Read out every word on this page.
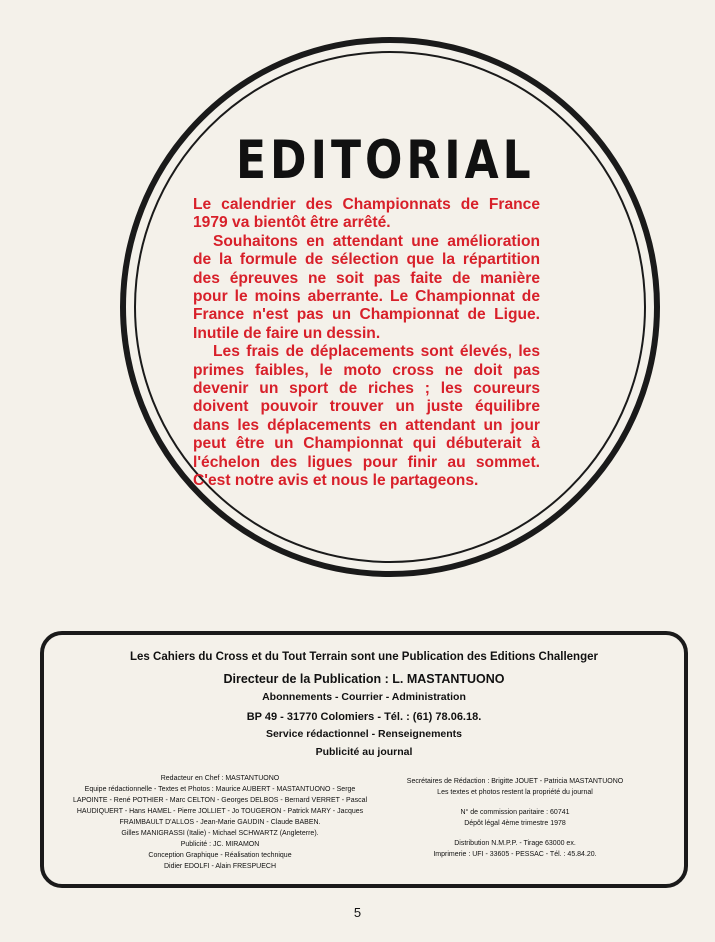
EDITORIAL

Le calendrier des Championnats de France 1979 va bientôt être arrêté.

Souhaitons en attendant une amélioration de la formule de sélection que la répartition des épreuves ne soit pas faite de manière pour le moins aberrante. Le Championnat de France n'est pas un Championnat de Ligue. Inutile de faire un dessin.

Les frais de déplacements sont élevés, les primes faibles, le moto cross ne doit pas devenir un sport de riches ; les coureurs doivent pouvoir trouver un juste équilibre dans les déplacements en attendant un jour peut être un Championnat qui débuterait à l'échelon des ligues pour finir au sommet. C'est notre avis et nous le partageons.

Les Cahiers du Cross et du Tout Terrain sont une Publication des Editions Challenger
Directeur de la Publication : L. MASTANTUONO
Abonnements - Courrier - Administration
BP 49 - 31770 Colomiers - Tél. : (61) 78.06.18.
Service rédactionnel - Renseignements
Publicité au journal
Redacteur en Chef : MASTANTUONO
Equipe rédactionnelle - Textes et Photos : Maurice AUBERT - MASTANTUONO - Serge
LAPOINTE - René POTHIER - Marc CELTON - Georges DELBOS - Bernard VERRET - Pascal
HAUDIQUERT - Hans HAMEL - Pierre JOLLIET - Jo TOUGERON - Patrick MARY - Jacques
FRAIMBAULT D'ALLOS - Jean-Marie GAUDIN - Claude BABEN.
Gilles MANIGRASSI (Italie) - Michael SCHWARTZ (Angleterre).
Publicité : JC. MIRAMON
Conception Graphique - Réalisation technique
Didier EDOLFI - Alain FRESPUECH
Secrétaires de Rédaction : Brigitte JOUET - Patricia MASTANTUONO
Les textes et photos restent la propriété du journal
N° de commission paritaire : 60741
Dépôt légal 4ème trimestre 1978
Distribution N.M.P.P. - Tirage 63000 ex.
Imprimerie : UFI - 33605 - PESSAC - Tél. : 45.84.20.
5
